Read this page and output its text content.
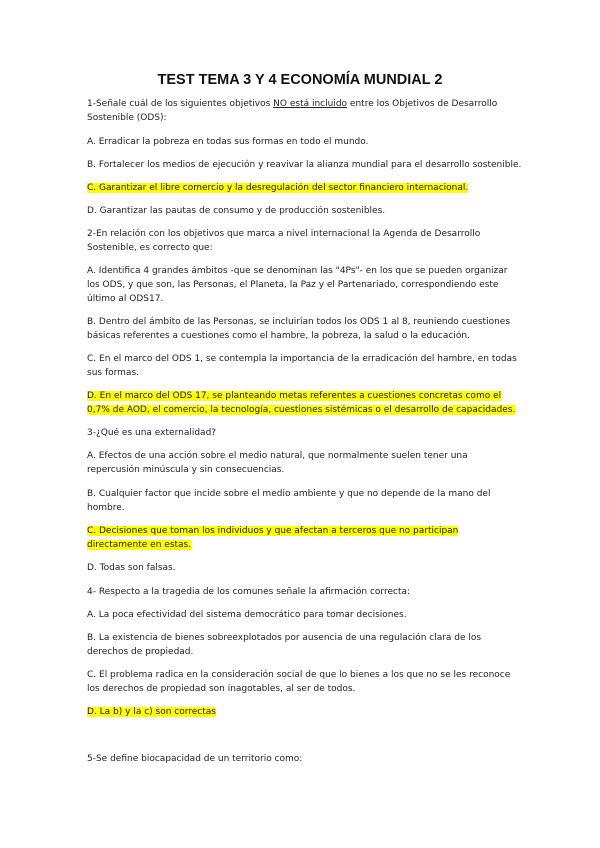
TEST TEMA 3 Y 4 ECONOMÍA MUNDIAL 2

1-Señale cuál de los siguientes objetivos NO está incluido entre los Objetivos de Desarrollo

Sostenible (ODS):

A. Erradicar la pobreza en todas sus formas en todo el mundo.

B. Fortalecer los medios de ejecución y reavivar la alianza mundial para el desarrollo sostenible.

C. Garantizar el libre comercio y la desregulación del sector financiero internacional.

D. Garantizar las pautas de consumo y de producción sostenibles.

2-En relación con los objetivos que marca a nivel internacional la Agenda de Desarrollo

Sostenible, es correcto que:

A. Identifica 4 grandes ámbitos -que se denominan las "4Ps"- en los que se pueden organizar

los ODS, y que son, las Personas, el Planeta, la Paz y el Partenariado, correspondiendo este

último al ODS17.

B. Dentro del ámbito de las Personas, se incluirían todos los ODS 1 al 8, reuniendo cuestiones

básicas referentes a cuestiones como el hambre, la pobreza, la salud o la educación.

C. En el marco del ODS 1, se contempla la importancia de la erradicación del hambre, en todas

sus formas.

D. En el marco del ODS 17, se planteando metas referentes a cuestiones concretas como el

0,7% de AOD, el comercio, la tecnología, cuestiones sistémicas o el desarrollo de capacidades.

3-¿Qué es una externalidad?

A. Efectos de una acción sobre el medio natural, que normalmente suelen tener una

repercusión minúscula y sin consecuencias.

B. Cualquier factor que incide sobre el medio ambiente y que no depende de la mano del

hombre.

C. Decisiones que toman los individuos y que afectan a terceros que no participan

directamente en estas.

D. Todas son falsas.

4- Respecto a la tragedia de los comunes señale la afirmación correcta:

A. La poca efectividad del sistema democrático para tomar decisiones.

B. La existencia de bienes sobreexplotados por ausencia de una regulación clara de los

derechos de propiedad.

C. El problema radica en la consideración social de que lo bienes a los que no se les reconoce

los derechos de propiedad son inagotables, al ser de todos.

D. La b) y la c) son correctas

5-Se define biocapacidad de un territorio como:
